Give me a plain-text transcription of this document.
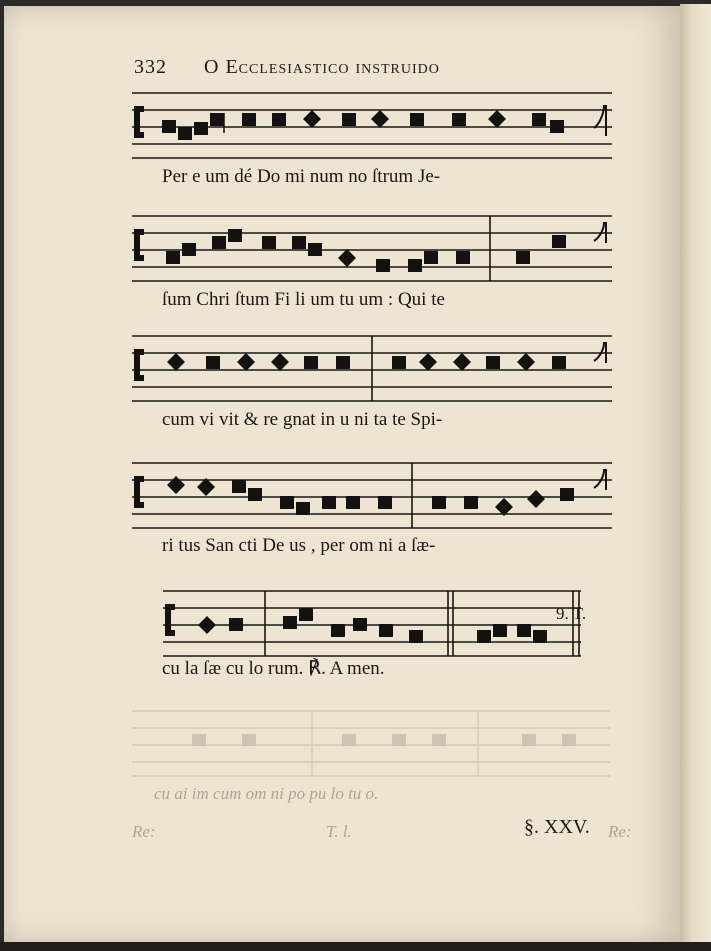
332 O Ecclesiastico instruido
Per e um dé Do mi num no ſtrum Je-
ſum Chri ſtum Fi li um tu um : Qui te
cum vi vit & re gnat in u ni ta te Spi-
ri tus San cti De us , per om ni a ſæ-
9. T.
cu la ſæ cu lo rum. ℟. A men.
cu ai im cum om ni po pu lo tu o.
Re:	T. l.	Re:
§. XXV.
